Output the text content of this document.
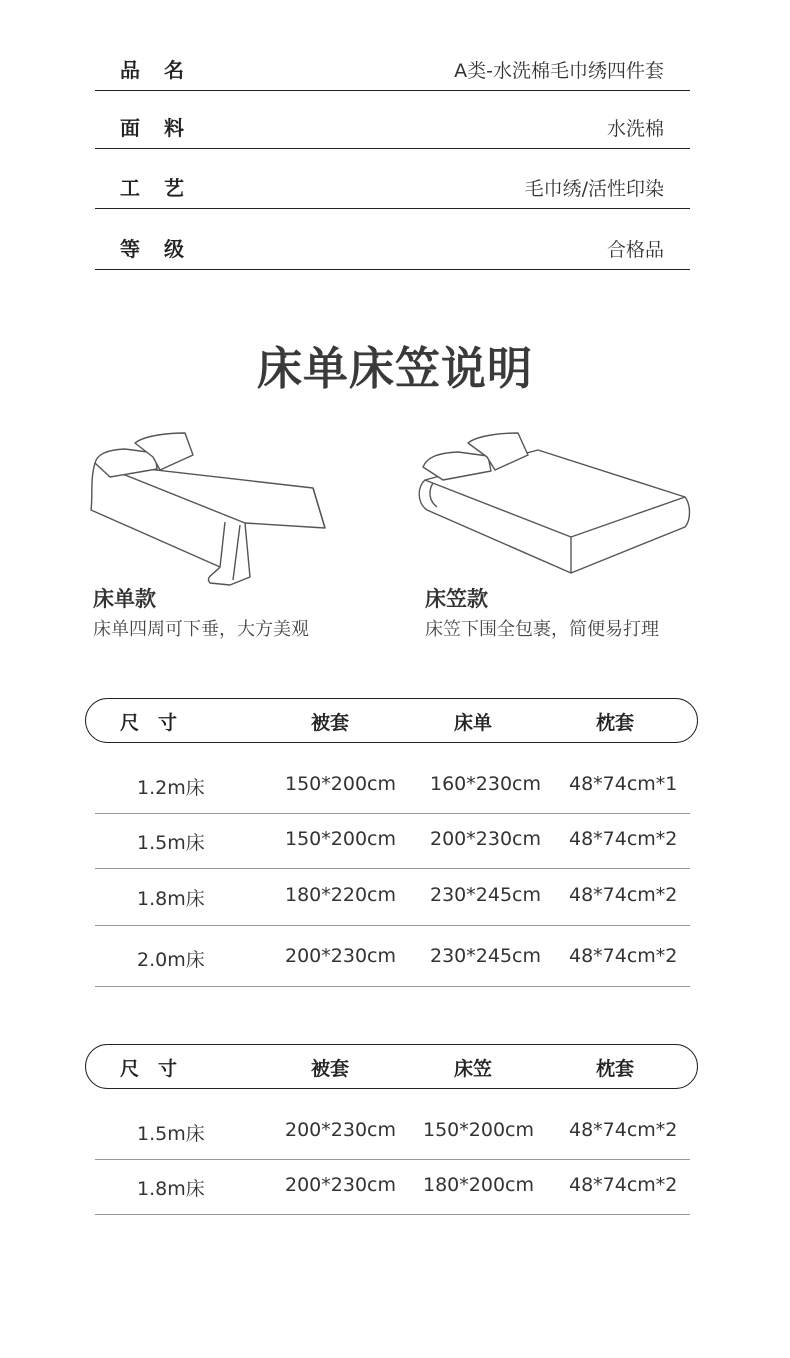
品　名	A类-水洗棉毛巾绣四件套
面　料	水洗棉
工　艺	毛巾绣/活性印染
等　级	合格品
床单床笠说明
床单款
床单四周可下垂，大方美观
床笠款
床笠下围全包裹，简便易打理
尺　寸	被套	床单	枕套
1.2m床	150*200cm 160*230cm 48*74cm*1
1.5m床	150*200cm 200*230cm 48*74cm*2
1.8m床	180*220cm 230*245cm 48*74cm*2
2.0m床	200*230cm 230*245cm 48*74cm*2
尺　寸	被套	床笠	枕套
1.5m床	200*230cm 150*200cm 48*74cm*2
1.8m床	200*230cm 180*200cm 48*74cm*2
